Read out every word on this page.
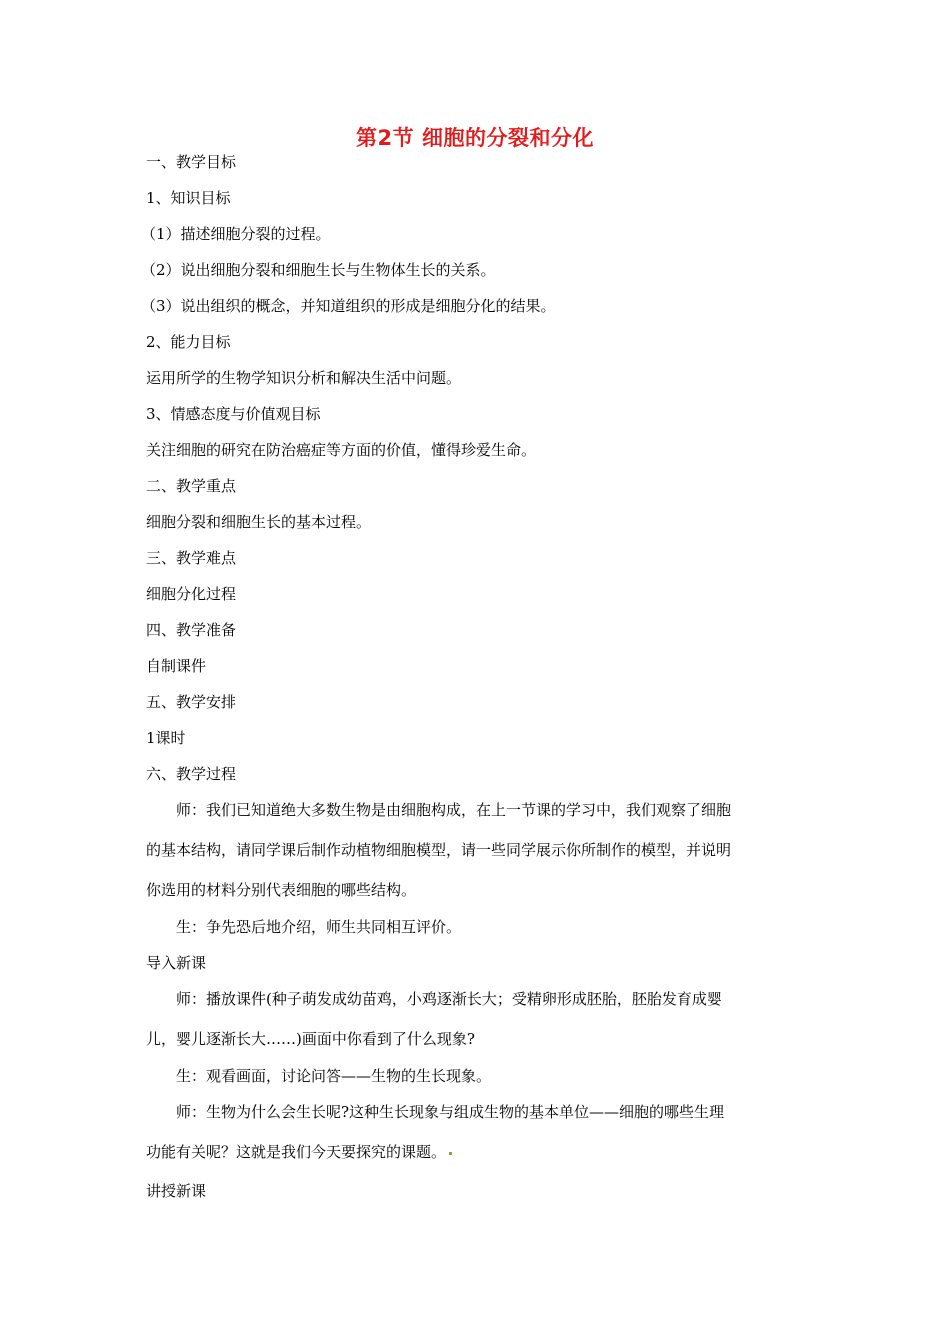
第2节 细胞的分裂和分化
一、教学目标
1、知识目标
（1）描述细胞分裂的过程。
（2）说出细胞分裂和细胞生长与生物体生长的关系。
（3）说出组织的概念，并知道组织的形成是细胞分化的结果。
2、能力目标
运用所学的生物学知识分析和解决生活中问题。
3、情感态度与价值观目标
关注细胞的研究在防治癌症等方面的价值，懂得珍爱生命。
二、教学重点
细胞分裂和细胞生长的基本过程。
三、教学难点
细胞分化过程
四、教学准备
自制课件
五、教学安排
1课时
六、教学过程
师：我们已知道绝大多数生物是由细胞构成，在上一节课的学习中，我们观察了细胞
的基本结构，请同学课后制作动植物细胞模型，请一些同学展示你所制作的模型，并说明
你选用的材料分别代表细胞的哪些结构。
生：争先恐后地介绍，师生共同相互评价。
导入新课
师：播放课件(种子萌发成幼苗鸡，小鸡逐渐长大；受精卵形成胚胎，胚胎发育成婴
儿，婴儿逐渐长大……)画面中你看到了什么现象?
生：观看画面，讨论问答——生物的生长现象。
师：生物为什么会生长呢?这种生长现象与组成生物的基本单位——细胞的哪些生理
功能有关呢？这就是我们今天要探究的课题。
讲授新课
